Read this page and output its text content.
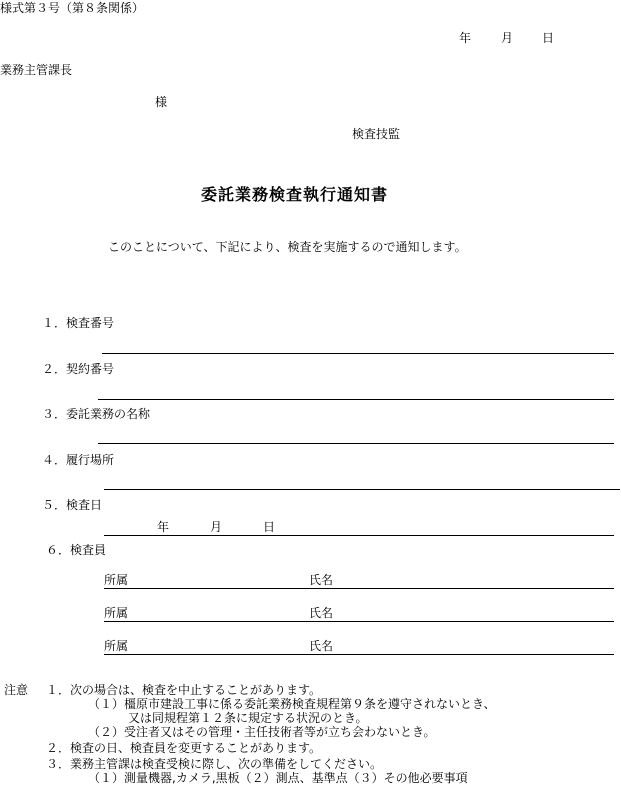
様式第３号（第８条関係）
年 月 日
業務主管課長
様
検査技監
委託業務検査執行通知書
このことについて、下記により、検査を実施するので通知します。
１．検査番号
２．契約番号
３．委託業務の名称
４．履行場所
５．検査日
年	月	日
６．検査員
所属	氏名
所属	氏名
所属	氏名
注意 １．次の場合は、検査を中止することがあります。
（１）橿原市建設工事に係る委託業務検査規程第９条を遵守されないとき、
又は同規程第１２条に規定する状況のとき。
（２）受注者又はその管理・主任技術者等が立ち会わないとき。
２．検査の日、検査員を変更することがあります。
３．業務主管課は検査受検に際し、次の準備をしてください。
（１）測量機器,カメラ,黒板（２）測点、基準点（３）その他必要事項
